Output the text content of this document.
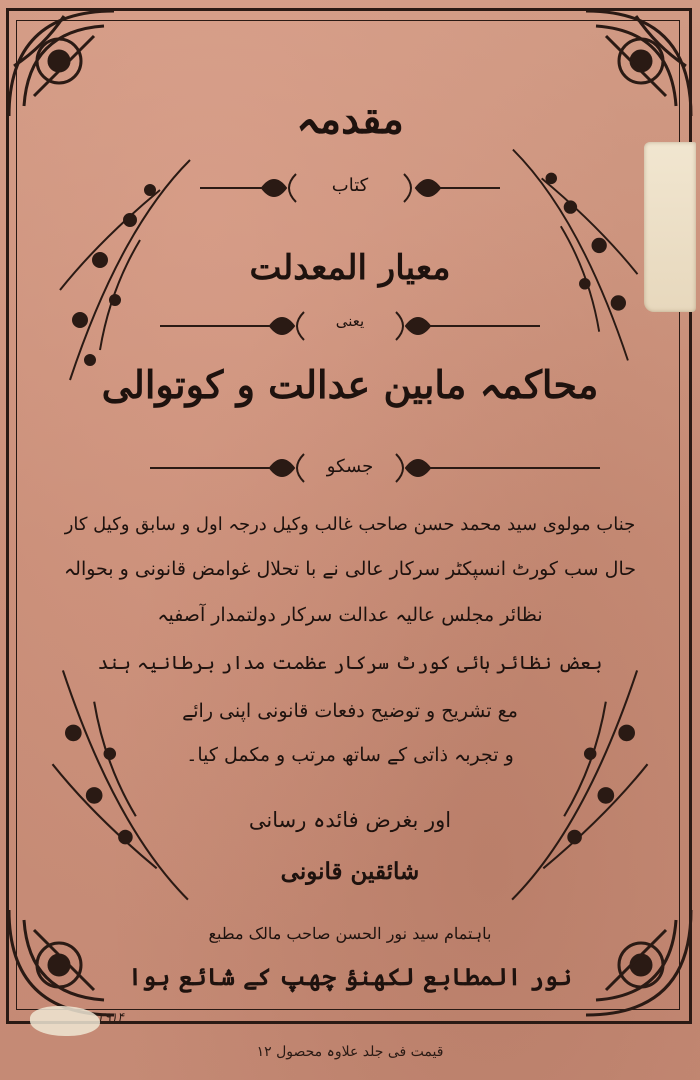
مقدمہ
کتاب
معیار المعدلت
یعنی
محاکمہ مابین عدالت و کوتوالی
جسکو
جناب مولوی سید محمد حسن صاحب غالب وکیل درجہ اول و سابق وکیل کار
حال سب کورٹ انسپکٹر سرکار عالی نے با تحلال غوامض قانونی و بحوالہ
نظائر مجلس عالیہ عدالت سرکار دولتمدار آصفیہ
بعض نظائر ہائی کورٹ سرکار عظمت مدار برطانیہ ہند
مع تشریح و توضیح دفعات قانونی اپنی رائے
و تجربہ ذاتی کے ساتھ مرتب و مکمل کیا۔
اور بغرض فائدہ رسانی
شائقین قانونی
باہتمام سید نور الحسن صاحب مالک مطبع
نور المطابع لکھنؤ چھپ کے شائع ہوا
۲۹۱۴
قیمت فی جلد علاوہ محصول ۱۲
